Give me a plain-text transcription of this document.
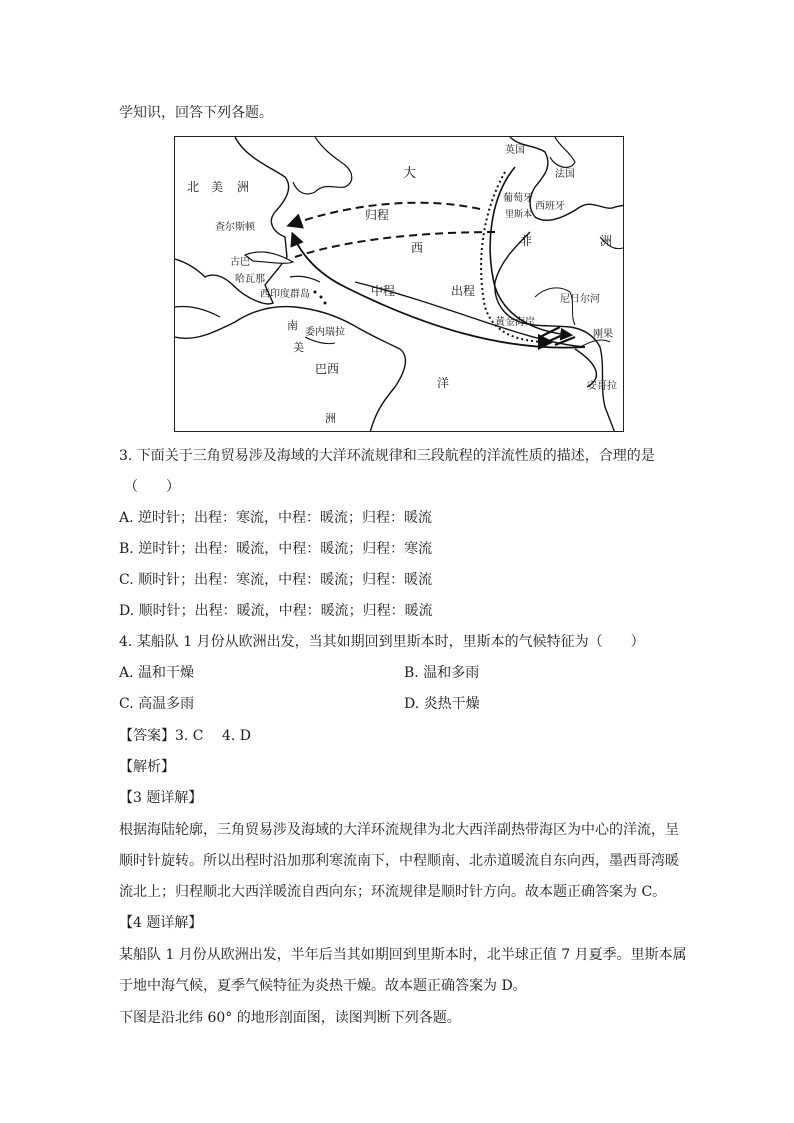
学知识，回答下列各题。
北 美 洲
大
西
洋
查尔斯顿
古巴
哈瓦那
西印度群岛
归程
中程	出程
委内瑞拉
南
美
洲
巴西
非	洲
尼日尔河
黄金海岸
刚果
安哥拉
葡萄牙
西班牙
里斯本
法国
英国
3. 下面关于三角贸易涉及海域的大洋环流规律和三段航程的洋流性质的描述，合理的是
（　　）
A. 逆时针；出程：寒流，中程：暖流；归程：暖流
B. 逆时针；出程：暖流，中程：暖流；归程：寒流
C. 顺时针；出程：寒流，中程：暖流；归程：暖流
D. 顺时针；出程：暖流，中程：暖流；归程：暖流
4. 某船队 1 月份从欧洲出发，当其如期回到里斯本时，里斯本的气候特征为（　　）
A. 温和干燥	B. 温和多雨
C. 高温多雨	D. 炎热干燥
【答案】3. C　 4. D
【解析】
【3 题详解】
根据海陆轮廓，三角贸易涉及海域的大洋环流规律为北大西洋副热带海区为中心的洋流，呈
顺时针旋转。所以出程时沿加那利寒流南下，中程顺南、北赤道暖流自东向西，墨西哥湾暖
流北上；归程顺北大西洋暖流自西向东；环流规律是顺时针方向。故本题正确答案为 C。
【4 题详解】
某船队 1 月份从欧洲出发，半年后当其如期回到里斯本时，北半球正值 7 月夏季。里斯本属
于地中海气候，夏季气候特征为炎热干燥。故本题正确答案为 D。
下图是沿北纬 60° 的地形剖面图，读图判断下列各题。
